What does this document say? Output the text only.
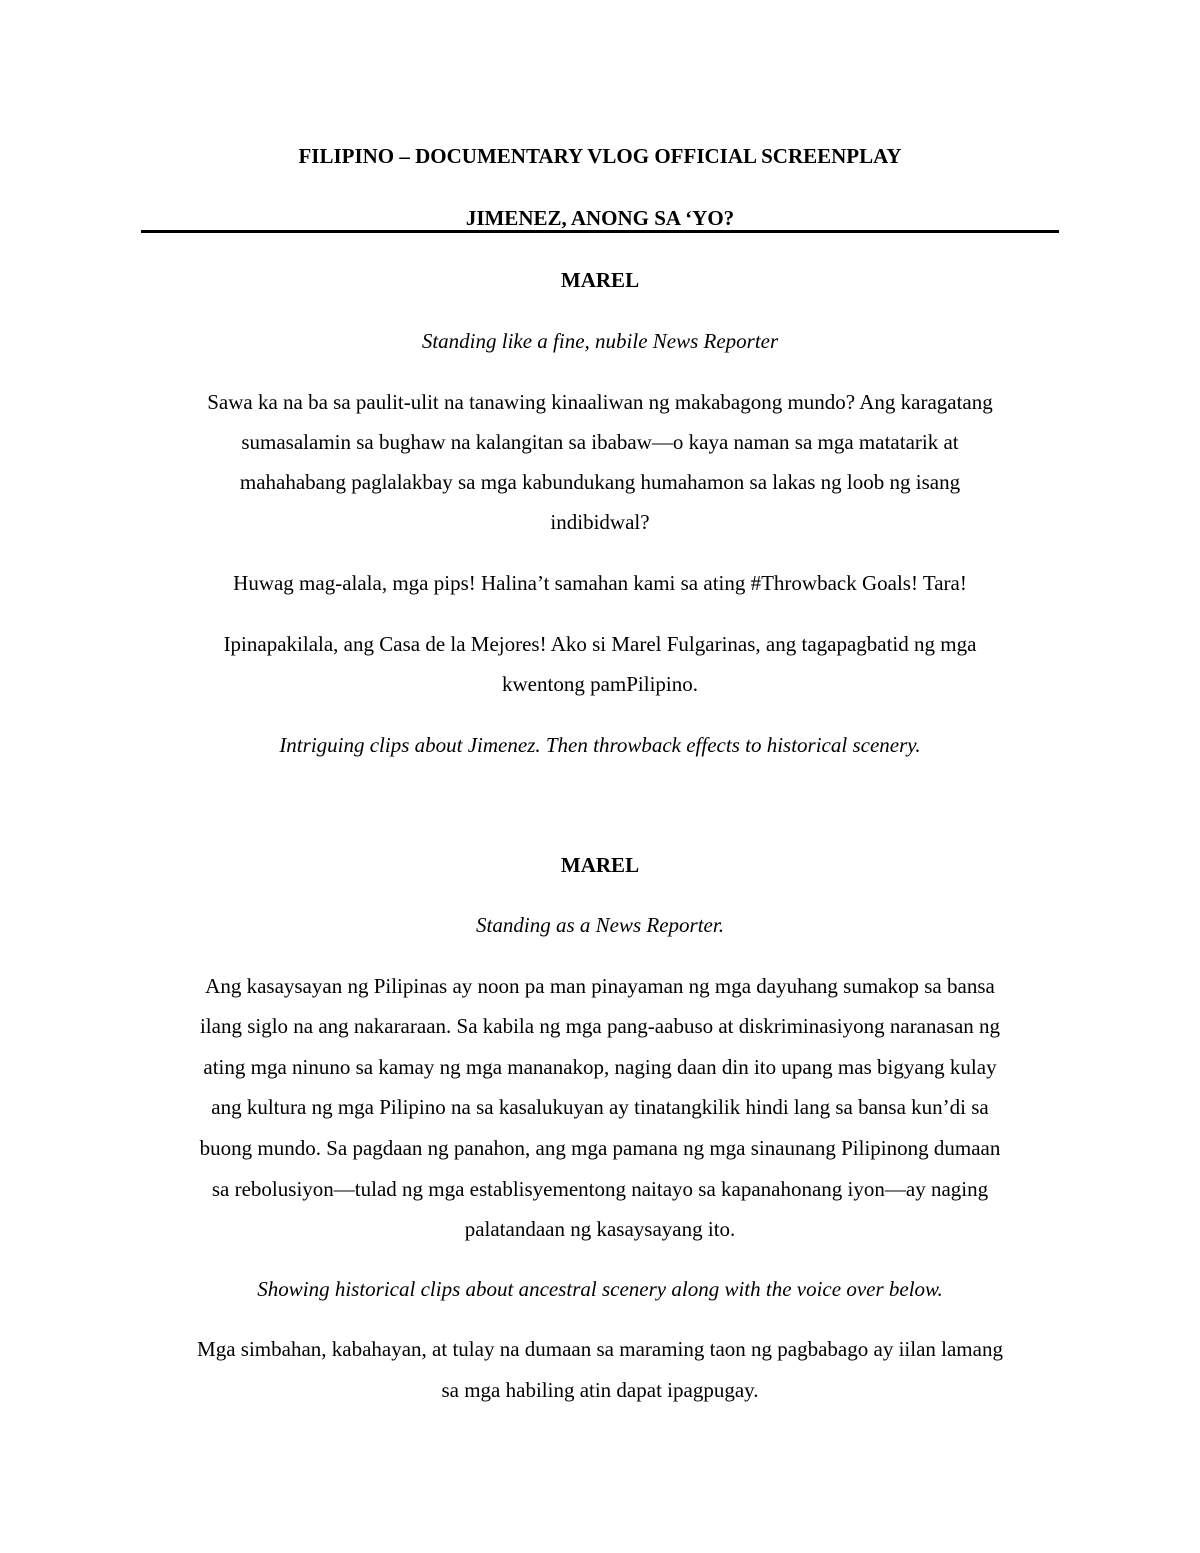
FILIPINO – DOCUMENTARY VLOG OFFICIAL SCREENPLAY
JIMENEZ, ANONG SA ‘YO?
MAREL
Standing like a fine, nubile News Reporter
Sawa ka na ba sa paulit-ulit na tanawing kinaaliwan ng makabagong mundo? Ang karagatang
sumasalamin sa bughaw na kalangitan sa ibabaw—o kaya naman sa mga matatarik at
mahahabang paglalakbay sa mga kabundukang humahamon sa lakas ng loob ng isang
indibidwal?
Huwag mag-alala, mga pips! Halina’t samahan kami sa ating #Throwback Goals! Tara!
Ipinapakilala, ang Casa de la Mejores! Ako si Marel Fulgarinas, ang tagapagbatid ng mga
kwentong pamPilipino.
Intriguing clips about Jimenez. Then throwback effects to historical scenery.
MAREL
Standing as a News Reporter.
Ang kasaysayan ng Pilipinas ay noon pa man pinayaman ng mga dayuhang sumakop sa bansa
ilang siglo na ang nakararaan. Sa kabila ng mga pang-aabuso at diskriminasiyong naranasan ng
ating mga ninuno sa kamay ng mga mananakop, naging daan din ito upang mas bigyang kulay
ang kultura ng mga Pilipino na sa kasalukuyan ay tinatangkilik hindi lang sa bansa kun’di sa
buong mundo. Sa pagdaan ng panahon, ang mga pamana ng mga sinaunang Pilipinong dumaan
sa rebolusiyon—tulad ng mga establisyementong naitayo sa kapanahonang iyon—ay naging
palatandaan ng kasaysayang ito.
Showing historical clips about ancestral scenery along with the voice over below.
Mga simbahan, kabahayan, at tulay na dumaan sa maraming taon ng pagbabago ay iilan lamang
sa mga habiling atin dapat ipagpugay.
